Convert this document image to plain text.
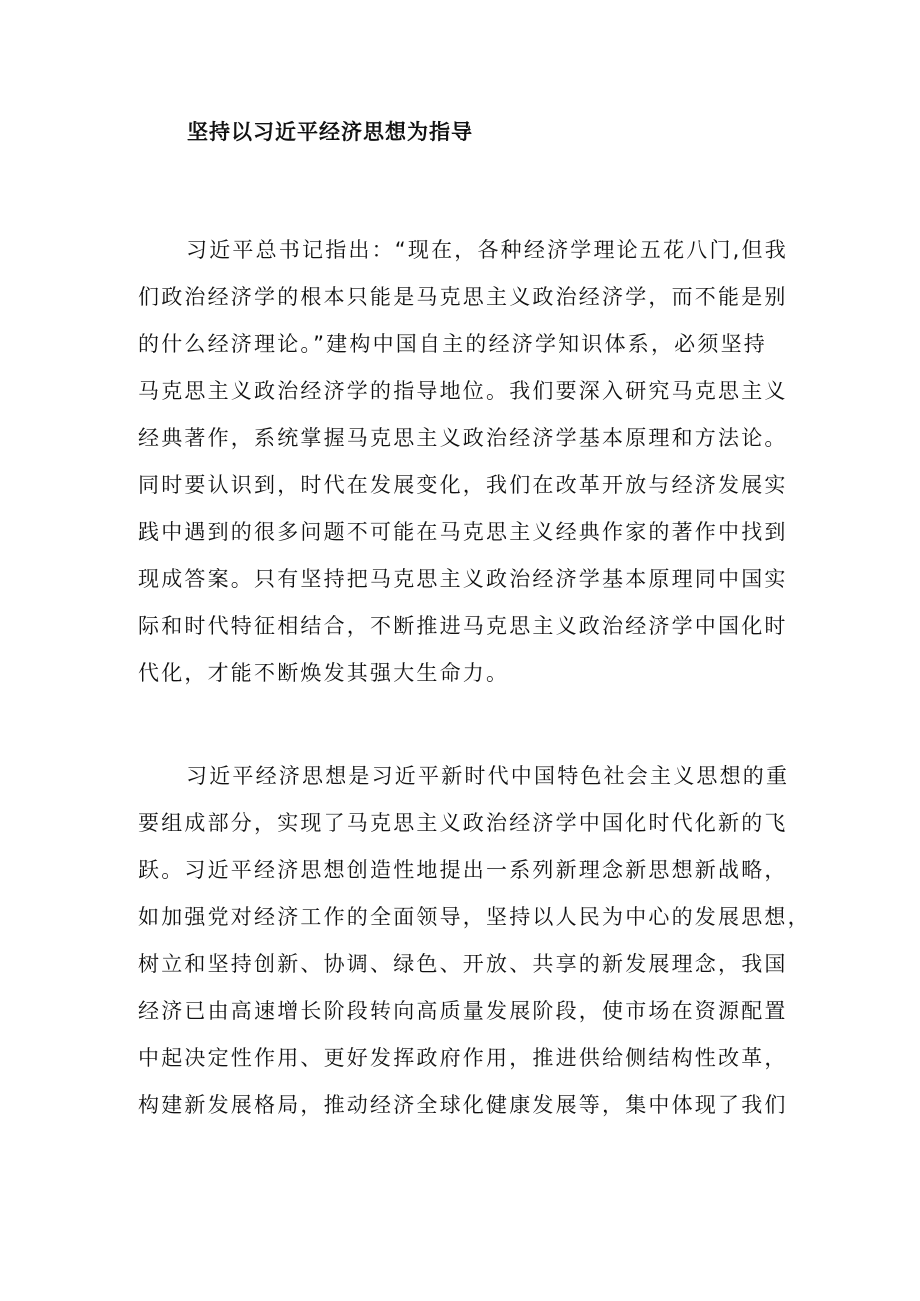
坚持以习近平经济思想为指导
习近平总书记指出：“现在，各种经济学理论五花八门,但我
们政治经济学的根本只能是马克思主义政治经济学，而不能是别
的什么经济理论。”建构中国自主的经济学知识体系，必须坚持
马克思主义政治经济学的指导地位。我们要深入研究马克思主义
经典著作，系统掌握马克思主义政治经济学基本原理和方法论。
同时要认识到，时代在发展变化，我们在改革开放与经济发展实
践中遇到的很多问题不可能在马克思主义经典作家的著作中找到
现成答案。只有坚持把马克思主义政治经济学基本原理同中国实
际和时代特征相结合，不断推进马克思主义政治经济学中国化时
代化，才能不断焕发其强大生命力。
习近平经济思想是习近平新时代中国特色社会主义思想的重
要组成部分，实现了马克思主义政治经济学中国化时代化新的飞
跃。习近平经济思想创造性地提出一系列新理念新思想新战略，
如加强党对经济工作的全面领导，坚持以人民为中心的发展思想，
树立和坚持创新、协调、绿色、开放、共享的新发展理念，我国
经济已由高速增长阶段转向高质量发展阶段，使市场在资源配置
中起决定性作用、更好发挥政府作用，推进供给侧结构性改革，
构建新发展格局，推动经济全球化健康发展等，集中体现了我们
